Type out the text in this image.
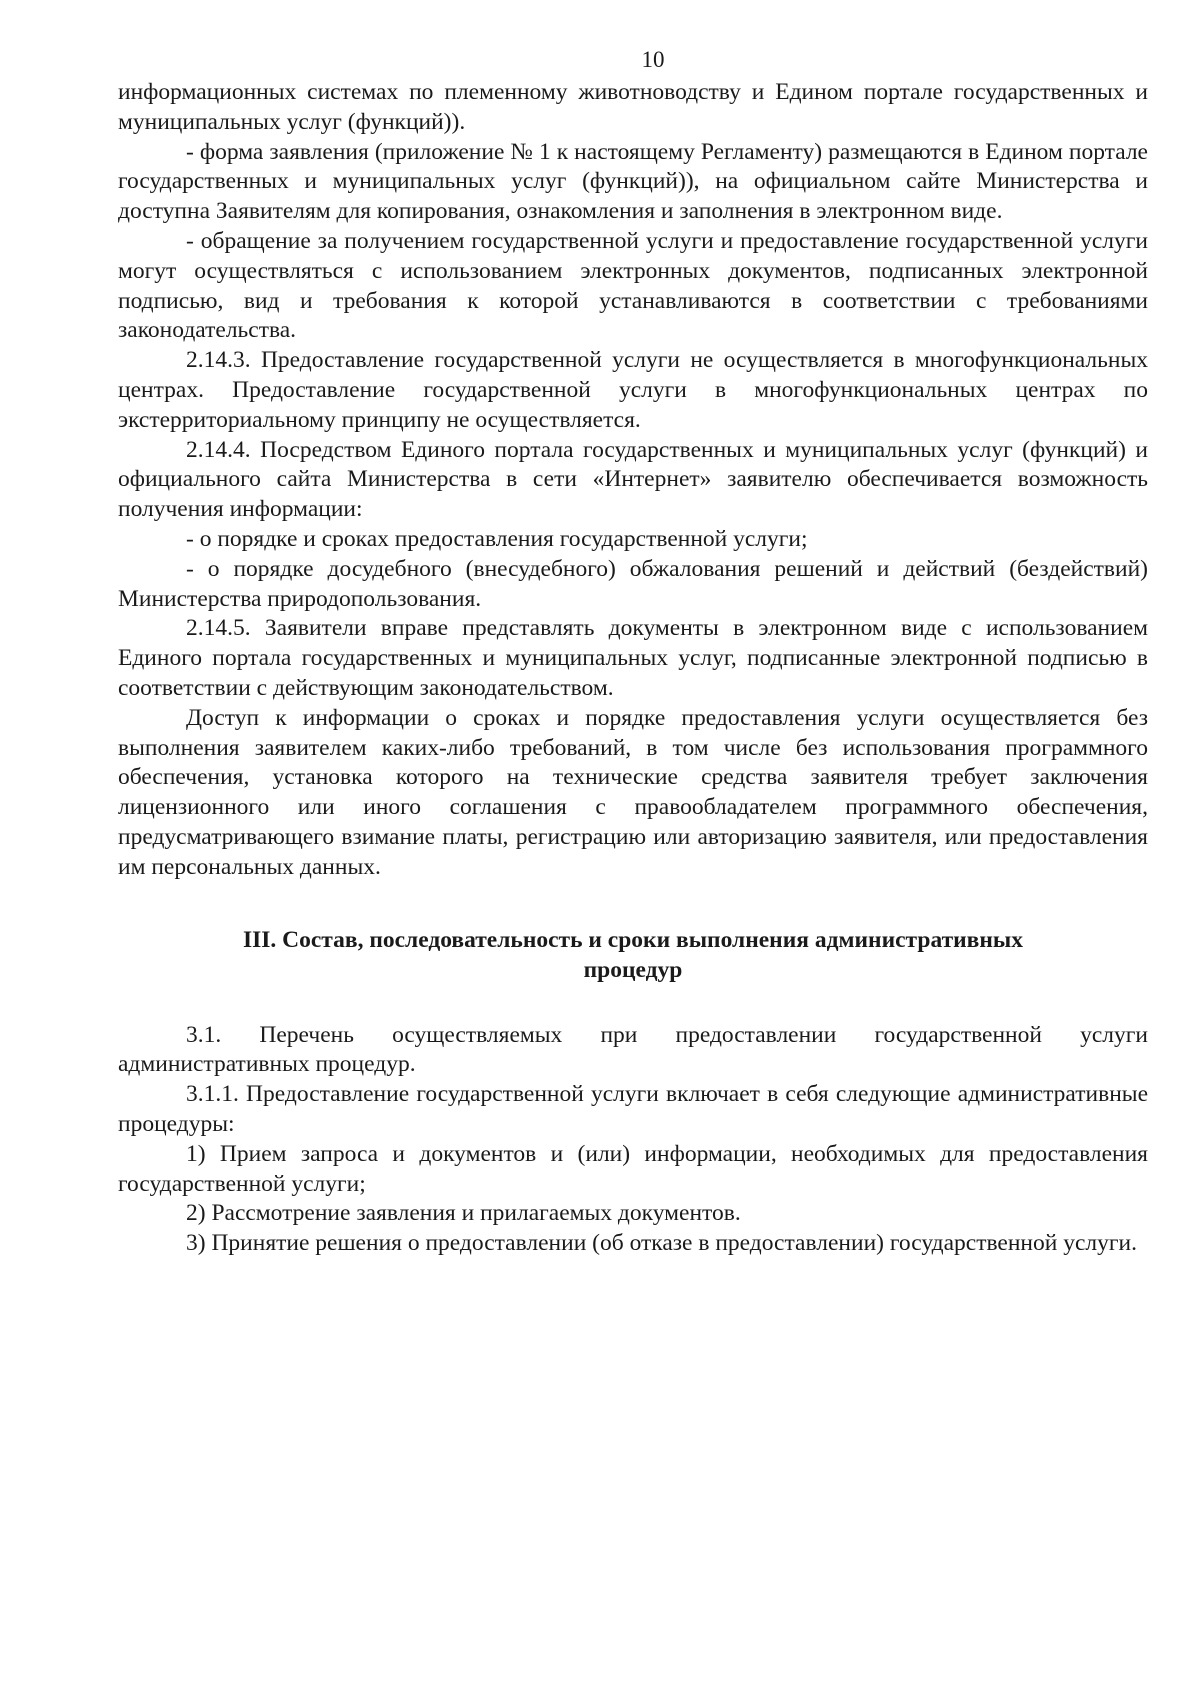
10

информационных системах по племенному животноводству и Едином портале государственных и муниципальных услуг (функций)).

- форма заявления (приложение № 1 к настоящему Регламенту) размещаются в Едином портале государственных и муниципальных услуг (функций)), на официальном сайте Министерства и доступна Заявителям для копирования, ознакомления и заполнения в электронном виде.

- обращение за получением государственной услуги и предоставление государственной услуги могут осуществляться с использованием электронных документов, подписанных электронной подписью, вид и требования к которой устанавливаются в соответствии с требованиями законодательства.

2.14.3. Предоставление государственной услуги не осуществляется в многофункциональных центрах. Предоставление государственной услуги в многофункциональных центрах по экстерриториальному принципу не осуществляется.

2.14.4. Посредством Единого портала государственных и муниципальных услуг (функций) и официального сайта Министерства в сети «Интернет» заявителю обеспечивается возможность получения информации:

- о порядке и сроках предоставления государственной услуги;

- о порядке досудебного (внесудебного) обжалования решений и действий (бездействий) Министерства природопользования.

2.14.5. Заявители вправе представлять документы в электронном виде с использованием Единого портала государственных и муниципальных услуг, подписанные электронной подписью в соответствии с действующим законодательством.

Доступ к информации о сроках и порядке предоставления услуги осуществляется без выполнения заявителем каких-либо требований, в том числе без использования программного обеспечения, установка которого на технические средства заявителя требует заключения лицензионного или иного соглашения с правообладателем программного обеспечения, предусматривающего взимание платы, регистрацию или авторизацию заявителя, или предоставления им персональных данных.

III. Состав, последовательность и сроки выполнения административных
процедур

3.1. Перечень осуществляемых при предоставлении государственной услуги административных процедур.

3.1.1. Предоставление государственной услуги включает в себя следующие административные процедуры:

1) Прием запроса и документов и (или) информации, необходимых для предоставления государственной услуги;

2) Рассмотрение заявления и прилагаемых документов.

3) Принятие решения о предоставлении (об отказе в предоставлении) государственной услуги.
